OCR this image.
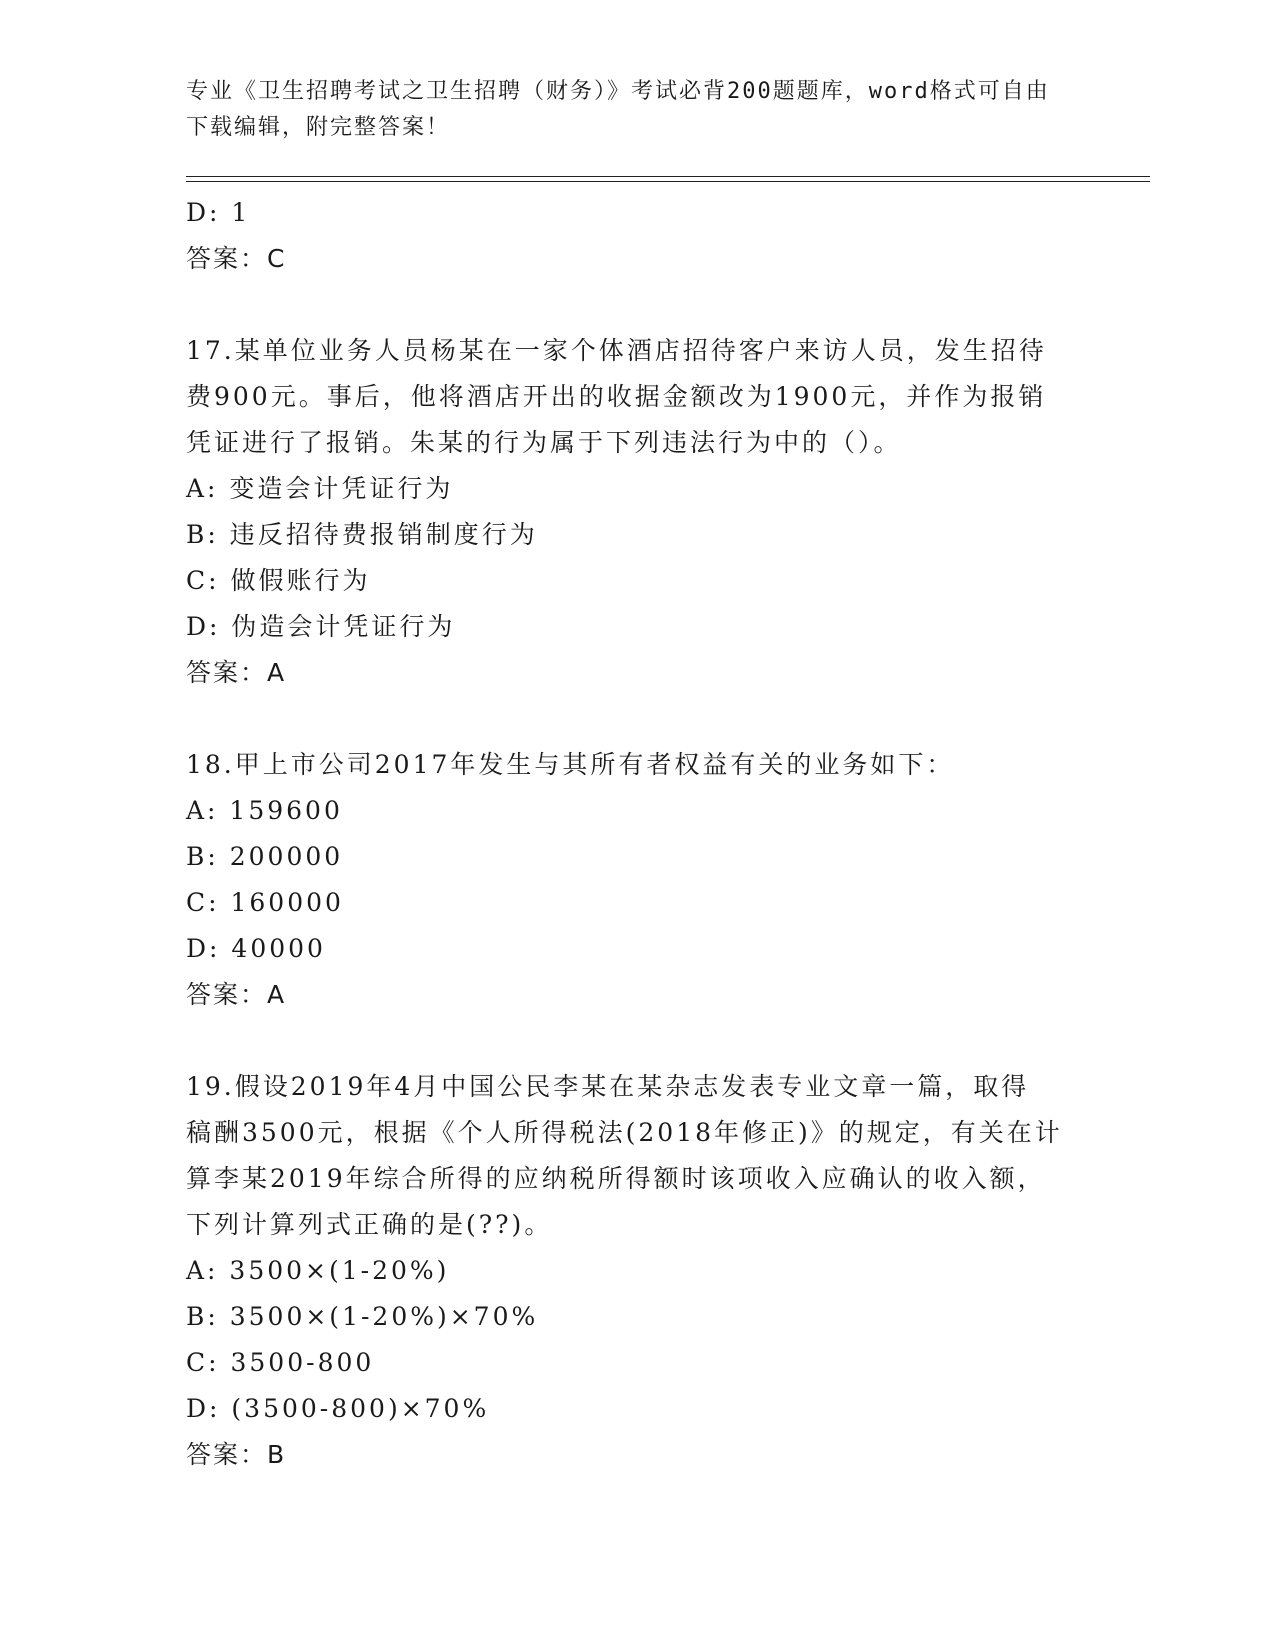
专业《卫生招聘考试之卫生招聘（财务）》考试必背200题题库，word格式可自由下载编辑，附完整答案！
D: 1
答案：C
17.某单位业务人员杨某在一家个体酒店招待客户来访人员，发生招待
费900元。事后，他将酒店开出的收据金额改为1900元，并作为报销
凭证进行了报销。朱某的行为属于下列违法行为中的（）。
A: 变造会计凭证行为
B: 违反招待费报销制度行为
C: 做假账行为
D: 伪造会计凭证行为
答案：A
18.甲上市公司2017年发生与其所有者权益有关的业务如下：
A: 159600
B: 200000
C: 160000
D: 40000
答案：A
19.假设2019年4月中国公民李某在某杂志发表专业文章一篇，取得
稿酬3500元，根据《个人所得税法(2018年修正)》的规定，有关在计
算李某2019年综合所得的应纳税所得额时该项收入应确认的收入额，
下列计算列式正确的是(??)。
A: 3500×(1-20%)
B: 3500×(1-20%)×70%
C: 3500-800
D: (3500-800)×70%
答案：B
